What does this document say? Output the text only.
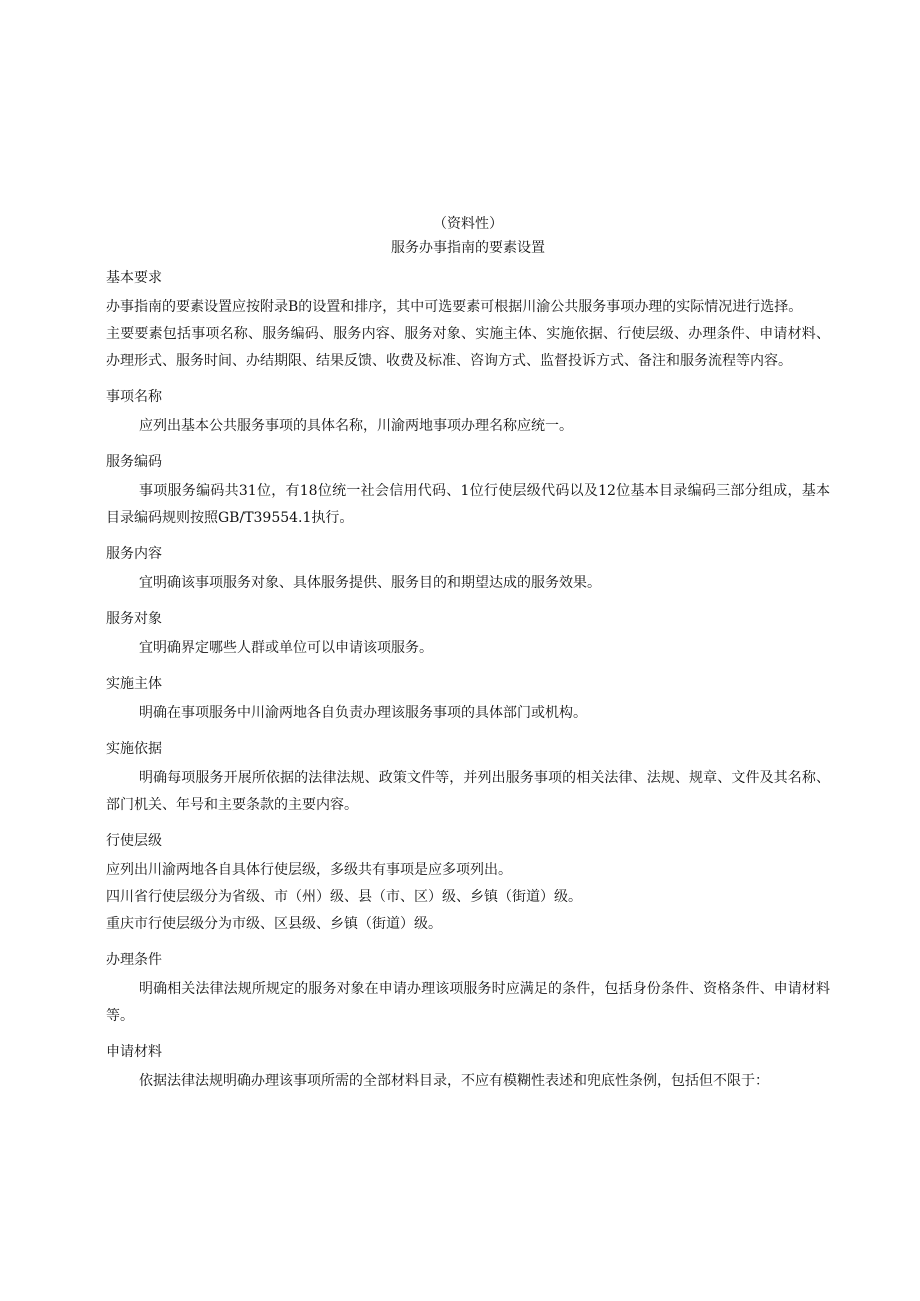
（资料性）
服务办事指南的要素设置
基本要求

办事指南的要素设置应按附录B的设置和排序，其中可选要素可根据川渝公共服务事项办理的实际情况进行选择。

主要要素包括事项名称、服务编码、服务内容、服务对象、实施主体、实施依据、行使层级、办理条件、申请材料、办理形式、服务时间、办结期限、结果反馈、收费及标准、咨询方式、监督投诉方式、备注和服务流程等内容。

事项名称

应列出基本公共服务事项的具体名称，川渝两地事项办理名称应统一。

服务编码

事项服务编码共31位，有18位统一社会信用代码、1位行使层级代码以及12位基本目录编码三部分组成，基本目录编码规则按照GB/T39554.1执行。

服务内容

宜明确该事项服务对象、具体服务提供、服务目的和期望达成的服务效果。

服务对象

宜明确界定哪些人群或单位可以申请该项服务。

实施主体

明确在事项服务中川渝两地各自负责办理该服务事项的具体部门或机构。

实施依据

明确每项服务开展所依据的法律法规、政策文件等，并列出服务事项的相关法律、法规、规章、文件及其名称、部门机关、年号和主要条款的主要内容。

行使层级

应列出川渝两地各自具体行使层级，多级共有事项是应多项列出。

四川省行使层级分为省级、市（州）级、县（市、区）级、乡镇（街道）级。

重庆市行使层级分为市级、区县级、乡镇（街道）级。

办理条件

明确相关法律法规所规定的服务对象在申请办理该项服务时应满足的条件，包括身份条件、资格条件、申请材料等。

申请材料

依据法律法规明确办理该事项所需的全部材料目录，不应有模糊性表述和兜底性条例，包括但不限于：
